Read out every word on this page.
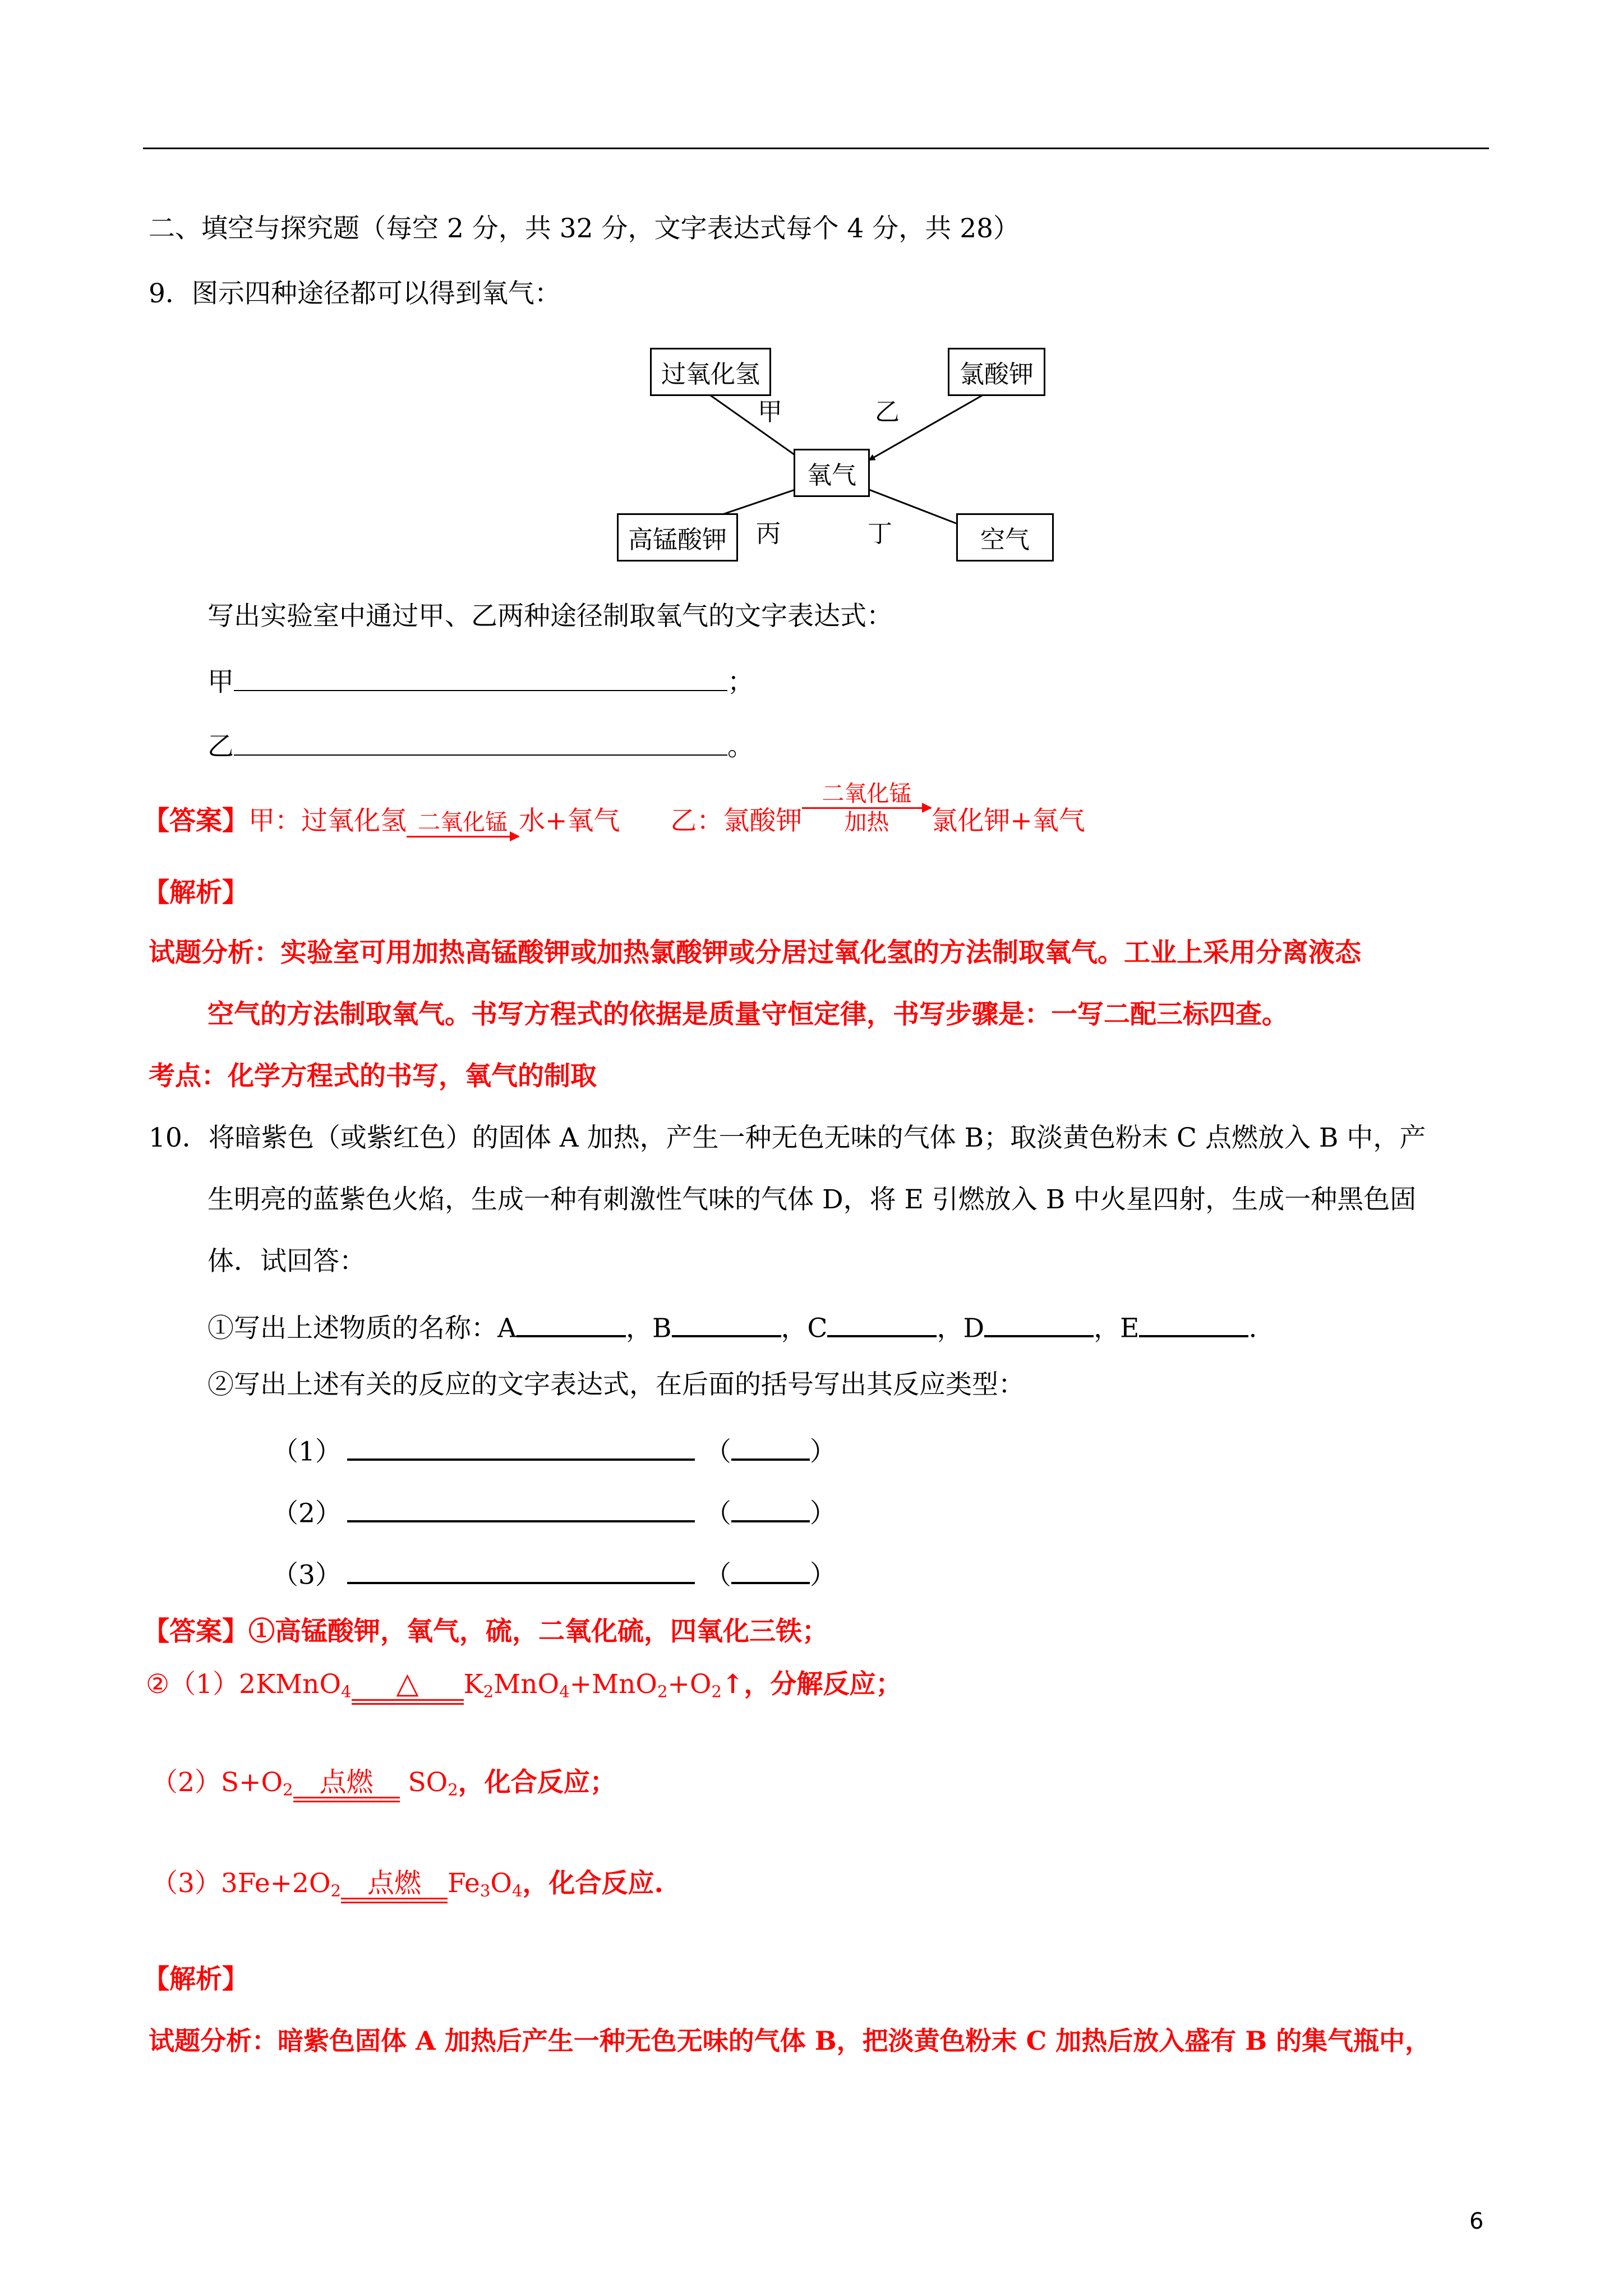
二、填空与探究题（每空 2 分，共 32 分，文字表达式每个 4 分，共 28）
9．图示四种途径都可以得到氧气：
过氧化氢	氯酸钾
氧气
高锰酸钾	空气
甲	乙
丙	丁
写出实验室中通过甲、乙两种途径制取氧气的文字表达式：
甲	；
乙	。
【答案】甲：过氧化氢 二氧化锰 水+氧气 乙：氯酸钾
二氧化锰
加热	氯化钾+氧气
【解析】
试题分析：实验室可用加热高锰酸钾或加热氯酸钾或分居过氧化氢的方法制取氧气。工业上采用分离液态
空气的方法制取氧气。书写方程式的依据是质量守恒定律，书写步骤是：一写二配三标四查。
考点：化学方程式的书写，氧气的制取
10．将暗紫色（或紫红色）的固体 A 加热，产生一种无色无味的气体 B；取淡黄色粉末 C 点燃放入 B 中，产
生明亮的蓝紫色火焰，生成一种有刺激性气味的气体 D，将 E 引燃放入 B 中火星四射，生成一种黑色固
体．试回答：
①写出上述物质的名称：A	，B	，C	，D	，E	.
②写出上述有关的反应的文字表达式，在后面的括号写出其反应类型：
（1）	（	）
（2）	（	）
（3）	（	）
【答案】①高锰酸钾，氧气，硫，二氧化硫，四氧化三铁；
②（1）2KMnO$_4$	△	$K_2MnO_4+MnO_2+O_2↑$，分解反应；
$(2)S+O_2$ 点燃	$SO_2$，化合反应；
$(3)3Fe+2O_2$ 点燃	$Fe_3O_4$，化合反应.
【解析】
试题分析：暗紫色固体 A 加热后产生一种无色无味的气体 B，把淡黄色粉末 C 加热后放入盛有 B 的集气瓶中，
6
